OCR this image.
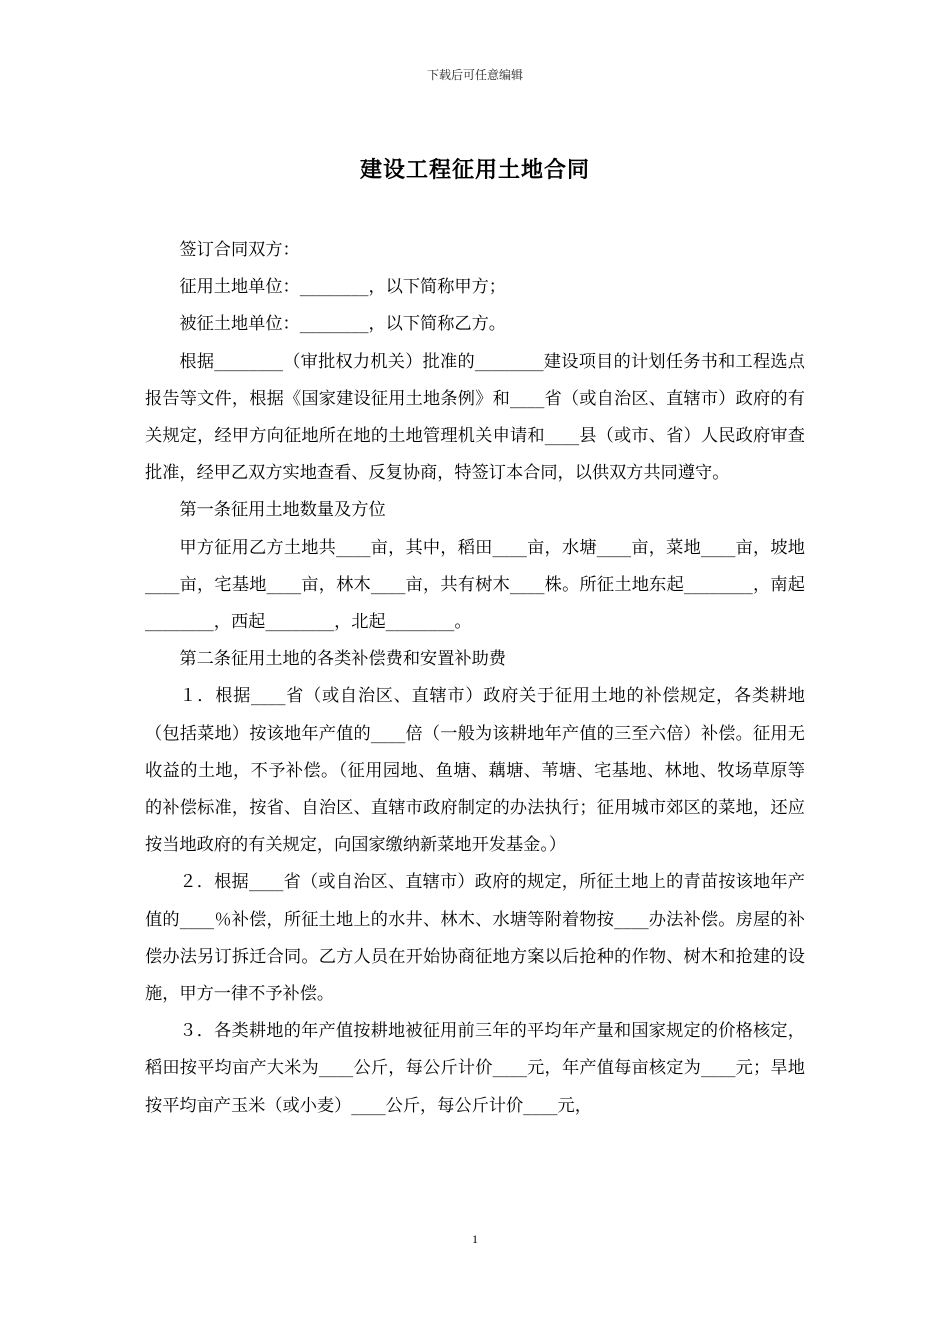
下载后可任意编辑
建设工程征用土地合同

签订合同双方：

征用土地单位：________，以下简称甲方；

被征土地单位：________，以下简称乙方。

根据________（审批权力机关）批准的________建设项目的计划任务书和工程选点报告等文件，根据《国家建设征用土地条例》和____省（或自治区、直辖市）政府的有关规定，经甲方向征地所在地的土地管理机关申请和____县（或市、省）人民政府审查批准，经甲乙双方实地查看、反复协商，特签订本合同，以供双方共同遵守。

第一条征用土地数量及方位

甲方征用乙方土地共____亩，其中，稻田____亩，水塘____亩，菜地____亩，坡地____亩，宅基地____亩，林木____亩，共有树木____株。所征土地东起________，南起________，西起________，北起________。

第二条征用土地的各类补偿费和安置补助费

１．根据____省（或自治区、直辖市）政府关于征用土地的补偿规定，各类耕地（包括菜地）按该地年产值的____倍（一般为该耕地年产值的三至六倍）补偿。征用无收益的土地，不予补偿。（征用园地、鱼塘、藕塘、苇塘、宅基地、林地、牧场草原等的补偿标准，按省、自治区、直辖市政府制定的办法执行；征用城市郊区的菜地，还应按当地政府的有关规定，向国家缴纳新菜地开发基金。）

２．根据____省（或自治区、直辖市）政府的规定，所征土地上的青苗按该地年产值的____％补偿，所征土地上的水井、林木、水塘等附着物按____办法补偿。房屋的补偿办法另订拆迁合同。乙方人员在开始协商征地方案以后抢种的作物、树木和抢建的设施，甲方一律不予补偿。

３．各类耕地的年产值按耕地被征用前三年的平均年产量和国家规定的价格核定，稻田按平均亩产大米为____公斤，每公斤计价____元，年产值每亩核定为____元；旱地按平均亩产玉米（或小麦）____公斤，每公斤计价____元，

1
